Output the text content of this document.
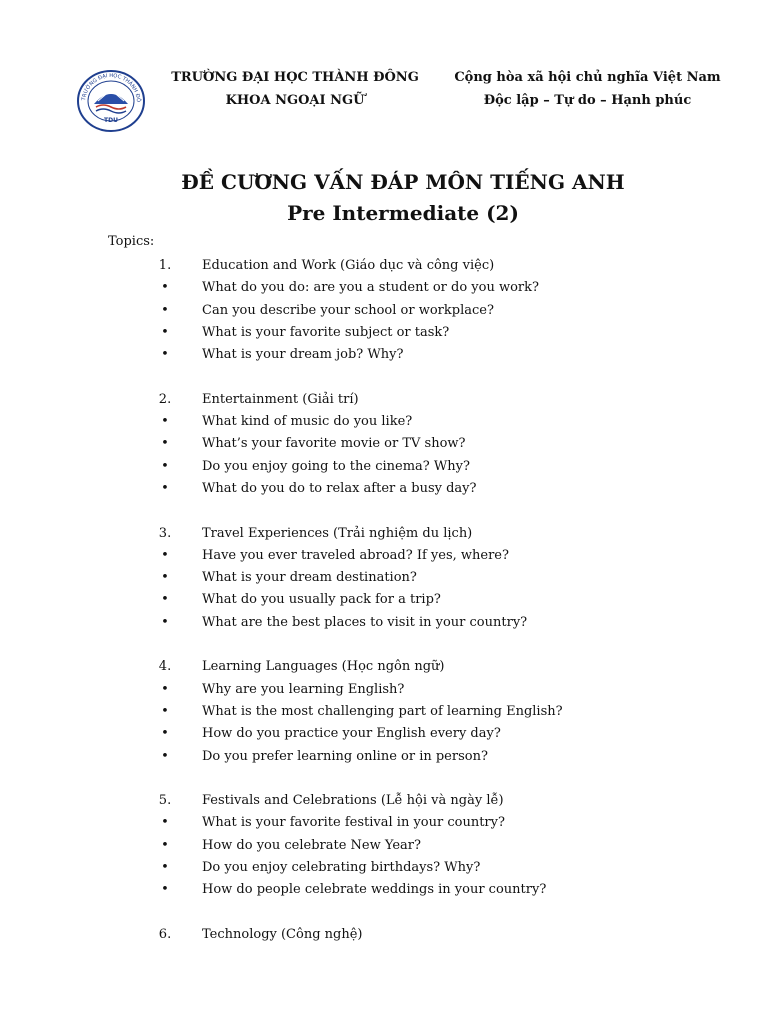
TRƯỜNG ĐẠI HỌC THÀNH ĐÔ
TDU
TRƯỜNG ĐẠI HỌC THÀNH ĐÔNG
KHOA NGOẠI NGỮ
Cộng hòa xã hội chủ nghĩa Việt Nam
Độc lập – Tự do – Hạnh phúc
ĐỀ CƯƠNG VẤN ĐÁP MÔN TIẾNG ANH
Pre Intermediate (2)
Topics:
1.	Education and Work (Giáo dục và công việc)
•	What do you do: are you a student or do you work?
•	Can you describe your school or workplace?
•	What is your favorite subject or task?
•	What is your dream job? Why?
2.	Entertainment (Giải trí)
•	What kind of music do you like?
•	What’s your favorite movie or TV show?
•	Do you enjoy going to the cinema? Why?
•	What do you do to relax after a busy day?
3.	Travel Experiences (Trải nghiệm du lịch)
•	Have you ever traveled abroad? If yes, where?
•	What is your dream destination?
•	What do you usually pack for a trip?
•	What are the best places to visit in your country?
4.	Learning Languages (Học ngôn ngữ)
•	Why are you learning English?
•	What is the most challenging part of learning English?
•	How do you practice your English every day?
•	Do you prefer learning online or in person?
5.	Festivals and Celebrations (Lễ hội và ngày lễ)
•	What is your favorite festival in your country?
•	How do you celebrate New Year?
•	Do you enjoy celebrating birthdays? Why?
•	How do people celebrate weddings in your country?
6.	Technology (Công nghệ)
